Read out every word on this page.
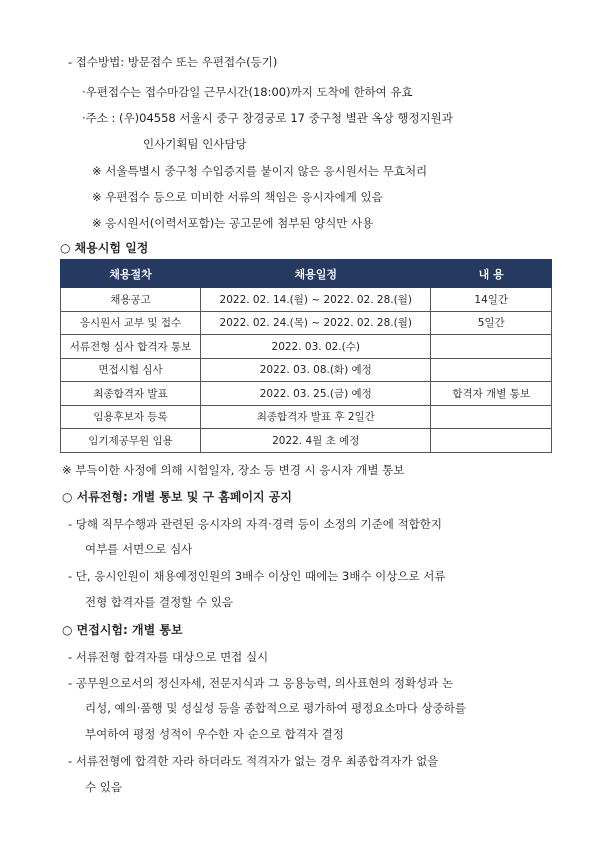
- 접수방법: 방문접수 또는 우편접수(등기)
·우편접수는 접수마감일 근무시간(18:00)까지 도착에 한하여 유효
·주소 : (우)04558 서울시 중구 창경궁로 17 중구청 별관 옥상 행정지원과
인사기획팀 인사담당
※ 서울특별시 중구청 수입증지를 붙이지 않은 응시원서는 무효처리
※ 우편접수 등으로 미비한 서류의 책임은 응시자에게 있음
※ 응시원서(이력서포함)는 공고문에 첨부된 양식만 사용
○ 채용시험 일정
채용절차	채용일정	내 용
채용공고	2022. 02. 14.(월) ~ 2022. 02. 28.(월)	14일간
응시원서 교부 및 접수	2022. 02. 24.(목) ~ 2022. 02. 28.(월)	5일간
서류전형 심사 합격자 통보	2022. 03. 02.(수)	
면접시험 심사	2022. 03. 08.(화) 예정	
최종합격자 발표	2022. 03. 25.(금) 예정	합격자 개별 통보
임용후보자 등록	최종합격자 발표 후 2일간	
임기제공무원 임용	2022. 4월 초 예정	
※ 부득이한 사정에 의해 시험일자, 장소 등 변경 시 응시자 개별 통보
○ 서류전형: 개별 통보 및 구 홈페이지 공지
- 당해 직무수행과 관련된 응시자의 자격·경력 등이 소정의 기준에 적합한지
여부를 서면으로 심사
- 단, 응시인원이 채용예정인원의 3배수 이상인 때에는 3배수 이상으로 서류
전형 합격자를 결정할 수 있음
○ 면접시험: 개별 통보
- 서류전형 합격자를 대상으로 면접 실시
- 공무원으로서의 정신자세, 전문지식과 그 응용능력, 의사표현의 정확성과 논
리성, 예의·품행 및 성실성 등을 종합적으로 평가하여 평정요소마다 상중하를
부여하여 평정 성적이 우수한 자 순으로 합격자 결정
- 서류전형에 합격한 자라 하더라도 적격자가 없는 경우 최종합격자가 없을
수 있음
